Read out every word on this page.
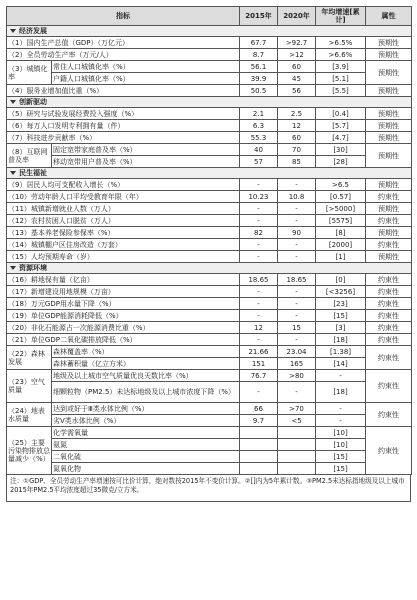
指标		2015年	2020年	年均增速[累计]	属性
经济发展					
（1）国内生产总值（GDP）（万亿元）		67.7	>92.7	>6.5%	预期性
（2）全员劳动生产率（万元/人）		8.7	>12	>6.6%	预期性
（3）城镇化率	常住人口城镇化率（%）	56.1	60	[3.9]	预期性
	户籍人口城镇化率（%）	39.9	45	[5.1]	
（4）服务业增加值比重（%）		50.5	56	[5.5]	预期性
创新驱动					
（5）研究与试验发展经费投入强度（%）		2.1	2.5	[0.4]	预期性
（6）每万人口发明专利拥有量（件）		6.3	12	[5.7]	预期性
（7）科技进步贡献率（%）		55.3	60	[4.7]	预期性
（8）互联网普及率	固定宽带家庭普及率（%）	40	70	[30]	预期性
	移动宽带用户普及率（%）	57	85	[28]	
民生福祉					
（9）居民人均可支配收入增长（%）		-	-	>6.5	预期性
（10）劳动年龄人口平均受教育年限（年）		10.23	10.8	[0.57]	约束性
（11）城镇新增就业人数（万人）		-	-	[>5000]	预期性
（12）农村贫困人口脱贫（万人）		-	-	[5575]	约束性
（13）基本养老保险参保率（%）		82	90	[8]	预期性
（14）城镇棚户区住房改造（万套）		-	-	[2000]	约束性
（15）人均预期寿命（岁）		-	-	[1]	预期性
资源环境					
（16）耕地保有量（亿亩）		18.65	18.65	[0]	约束性
（17）新增建设用地规模（万亩）		-	-	[<3256]	约束性
（18）万元GDP用水量下降（%）		-	-	[23]	约束性
（19）单位GDP能源消耗降低（%）		-	-	[15]	约束性
（20）非化石能源占一次能源消费比重（%）		12	15	[3]	约束性
（21）单位GDP二氧化碳排放降低（%）		-	-	[18]	约束性
（22）森林发展	森林覆盖率（%）	21.66	23.04	[1.38]	约束性
	森林蓄积量（亿立方米）	151	165	[14]	
（23）空气质量	地级及以上城市空气质量优良天数比率（%）	76.7	>80	-	约束性
	细颗粒物（PM2.5）未达标地级及以上城市浓度下降（%）	-	-	[18]	
（24）地表水质量	达到或好于Ⅲ类水体比例（%）	66	>70	-	约束性
	劣Ⅴ类水体比例（%）	9.7	<5	-	
（25）主要污染物排放总量减少（%）	化学需氧量			[10]	约束性
	氨氮			[10]	
	二氧化硫			[15]	
	氮氧化物			[15]	
注：①GDP、全员劳动生产率增速按可比价计算，绝对数按2015年不变价计算。②[]内为5年累计数。③PM2.5未达标指地级及以上城市2015年PM2.5平均浓度超过35微克/立方米。
